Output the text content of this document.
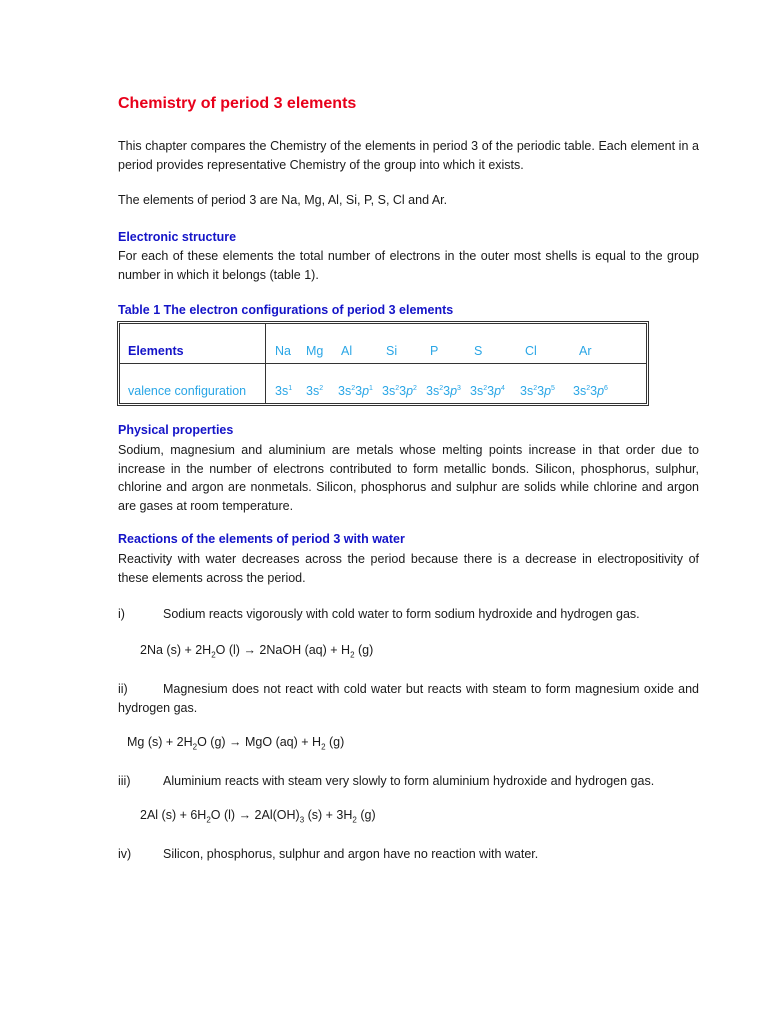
Chemistry of period 3 elements
This chapter compares the Chemistry of the elements in period 3 of the periodic table. Each element in a period provides representative Chemistry of the group into which it exists.
The elements of period 3 are Na, Mg, Al, Si, P, S, Cl and Ar.
Electronic structure
For each of these elements the total number of electrons in the outer most shells is equal to the group number in which it belongs (table 1).
Table 1 The electron configurations of period 3 elements
Elements	Na Mg Al	Si	P	S	Cl	Ar
valence configuration $3s^1$ $3s^2$ $3s^23p^1$ $3s^23p^2$ $3s^23p^3$ $3s^23p^4$ $3s^23p^5$ $3s^23p^6$
Physical properties
Sodium, magnesium and aluminium are metals whose melting points increase in that order due to increase in the number of electrons contributed to form metallic bonds. Silicon, phosphorus, sulphur, chlorine and argon are nonmetals. Silicon, phosphorus and sulphur are solids while chlorine and argon are gases at room temperature.
Reactions of the elements of period 3 with water
Reactivity with water decreases across the period because there is a decrease in electropositivity of these elements across the period.
i)	Sodium reacts vigorously with cold water to form sodium hydroxide and hydrogen gas.
2Na $(s) + 2H_2O$ (l) → 2NaOH $(aq) + H_2$ (g)
ii)	Magnesium does not react with cold water but reacts with steam to form magnesium oxide and hydrogen gas.
Mg $(s) + 2H_2O$ (g) → MgO $(aq) + H_2$ (g)
iii)	Aluminium reacts with steam very slowly to form aluminium hydroxide and hydrogen gas.
2Al $(s) + 6H_2O$ $(l) \to 2Al(OH)_3$ $(s) + 3H_2$ (g)
iv)	Silicon, phosphorus, sulphur and argon have no reaction with water.
